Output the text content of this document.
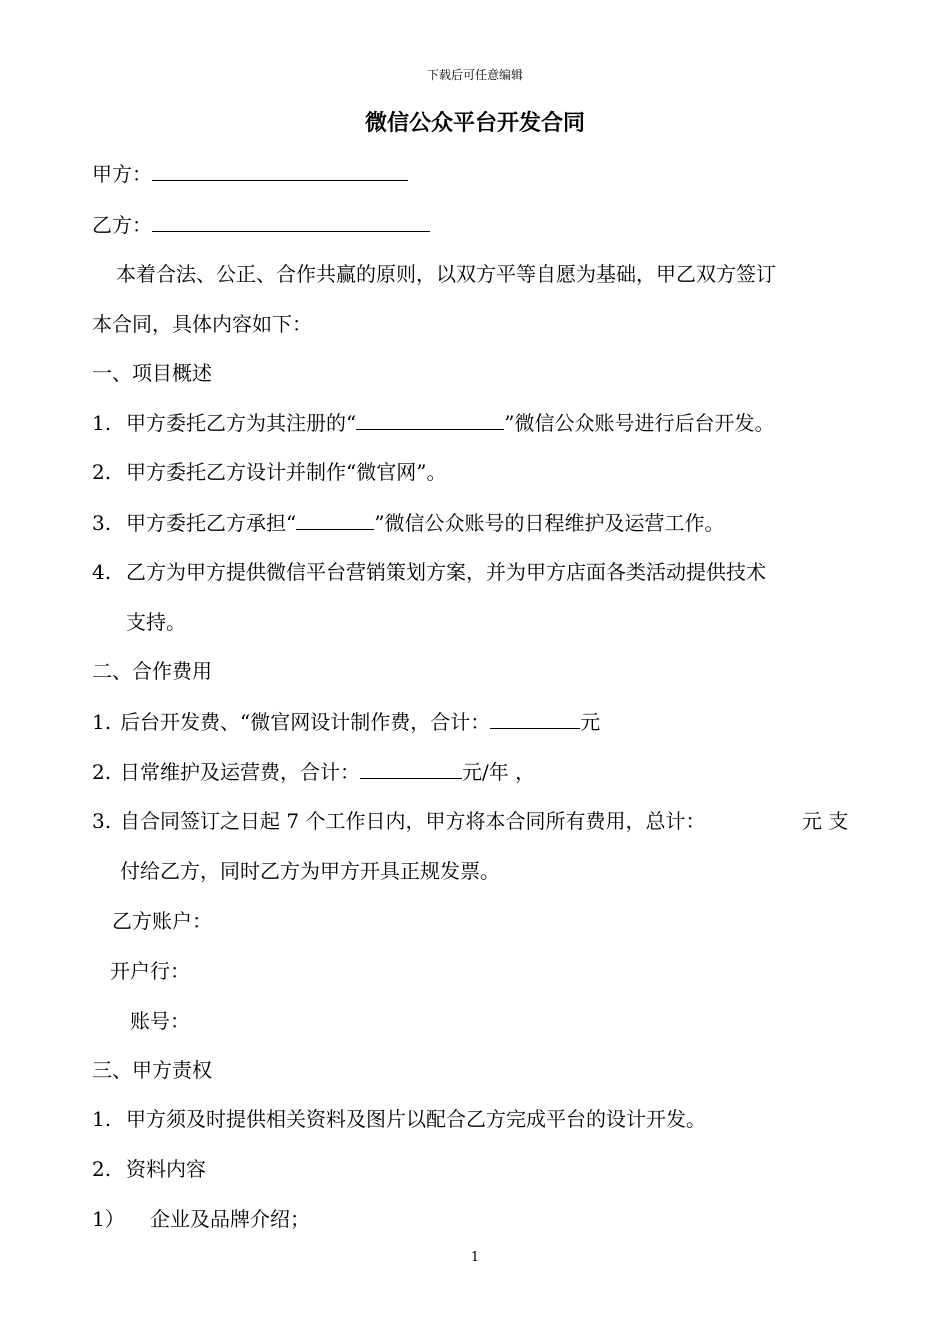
下载后可任意编辑
微信公众平台开发合同
甲方：
乙方：
本着合法、公正、合作共赢的原则，以双方平等自愿为基础，甲乙双方签订
本合同，具体内容如下：
一、项目概述
1. 甲方委托乙方为其注册的“	”微信公众账号进行后台开发。
2. 甲方委托乙方设计并制作“微官网”。
3. 甲方委托乙方承担“	”微信公众账号的日程维护及运营工作。
4. 乙方为甲方提供微信平台营销策划方案，并为甲方店面各类活动提供技术
支持。
二、合作费用
1. 后台开发费、“微官网设计制作费，合计：	元
2. 日常维护及运营费，合计：	元/年 ，
3. 自合同签订之日起 7 个工作日内，甲方将本合同所有费用，总计：	元 支
付给乙方，同时乙方为甲方开具正规发票。
乙方账户：
开户行：
账号：
三、甲方责权
1. 甲方须及时提供相关资料及图片以配合乙方完成平台的设计开发。
2. 资料内容
1） 企业及品牌介绍；
1
